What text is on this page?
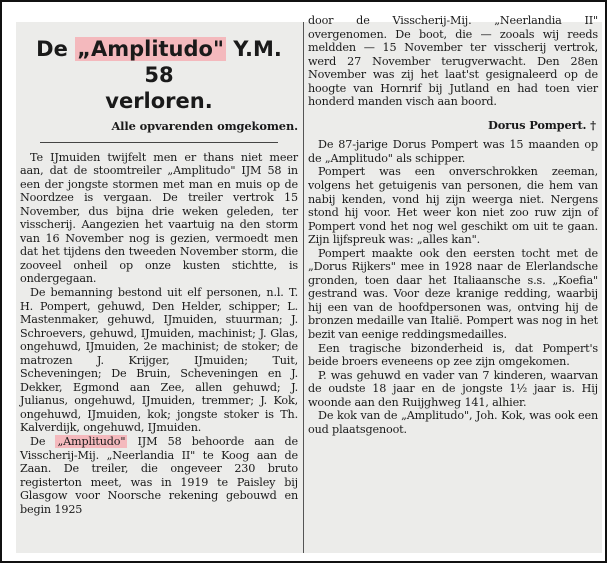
De „Amplitudo" Y.M. 58
verloren.
Alle opvarenden omgekomen.

Te IJmuiden twijfelt men er thans niet meer aan, dat de stoomtreiler „Amplitudo" IJM 58 in een der jongste stormen met man en muis op de Noordzee is vergaan. De treiler vertrok 15 November, dus bijna drie weken geleden, ter visscherij. Aangezien het vaartuig na den storm van 16 November nog is gezien, vermoedt men dat het tijdens den tweeden November storm, die zooveel onheil op onze kusten stichtte, is ondergegaan.

De bemanning bestond uit elf personen, n.l. T. H. Pompert, gehuwd, Den Helder, schipper; L. Mastenmaker, gehuwd, IJmuiden, stuurman; J. Schroevers, gehuwd, IJmuiden, machinist; J. Glas, ongehuwd, IJmuiden, 2e machinist; de stoker; de matrozen J. Krijger, IJmuiden; Tuit, Scheveningen; De Bruin, Scheveningen en J. Dekker, Egmond aan Zee, allen gehuwd; J. Julianus, ongehuwd, IJmuiden, tremmer; J. Kok, ongehuwd, IJmuiden, kok; jongste stoker is Th. Kalverdijk, ongehuwd, IJmuiden.

De „Amplitudo" IJM 58 behoorde aan de Visscherij-Mij. „Neerlandia II" te Koog aan de Zaan. De treiler, die ongeveer 230 bruto registerton meet, was in 1919 te Paisley bij Glasgow voor Noorsche rekening gebouwd en begin 1925

door de Visscherij-Mij. „Neerlandia II" overgenomen. De boot, die — zooals wij reeds meldden — 15 November ter visscherij vertrok, werd 27 November terugverwacht. Den 28en November was zij het laat'st gesignaleerd op de hoogte van Hornrif bij Jutland en had toen vier honderd manden visch aan boord.

Dorus Pompert. †

De 87-jarige Dorus Pompert was 15 maanden op de „Amplitudo" als schipper.

Pompert was een onverschrokken zeeman, volgens het getuigenis van personen, die hem van nabij kenden, vond hij zijn weerga niet. Nergens stond hij voor. Het weer kon niet zoo ruw zijn of Pompert vond het nog wel geschikt om uit te gaan. Zijn lijfspreuk was: „alles kan".

Pompert maakte ook den eersten tocht met de „Dorus Rijkers" mee in 1928 naar de Elerlandsche gronden, toen daar het Italiaansche s.s. „Koefia" gestrand was. Voor deze kranige redding, waarbij hij een van de hoofdpersonen was, ontving hij de bronzen medaille van Italië. Pompert was nog in het bezit van eenige reddingsmedailles.

Een tragische bizonderheid is, dat Pompert's beide broers eveneens op zee zijn omgekomen.

P. was gehuwd en vader van 7 kinderen, waarvan de oudste 18 jaar en de jongste 1½ jaar is. Hij woonde aan den Ruijghweg 141, alhier.

De kok van de „Amplitudo", Joh. Kok, was ook een oud plaatsgenoot.
